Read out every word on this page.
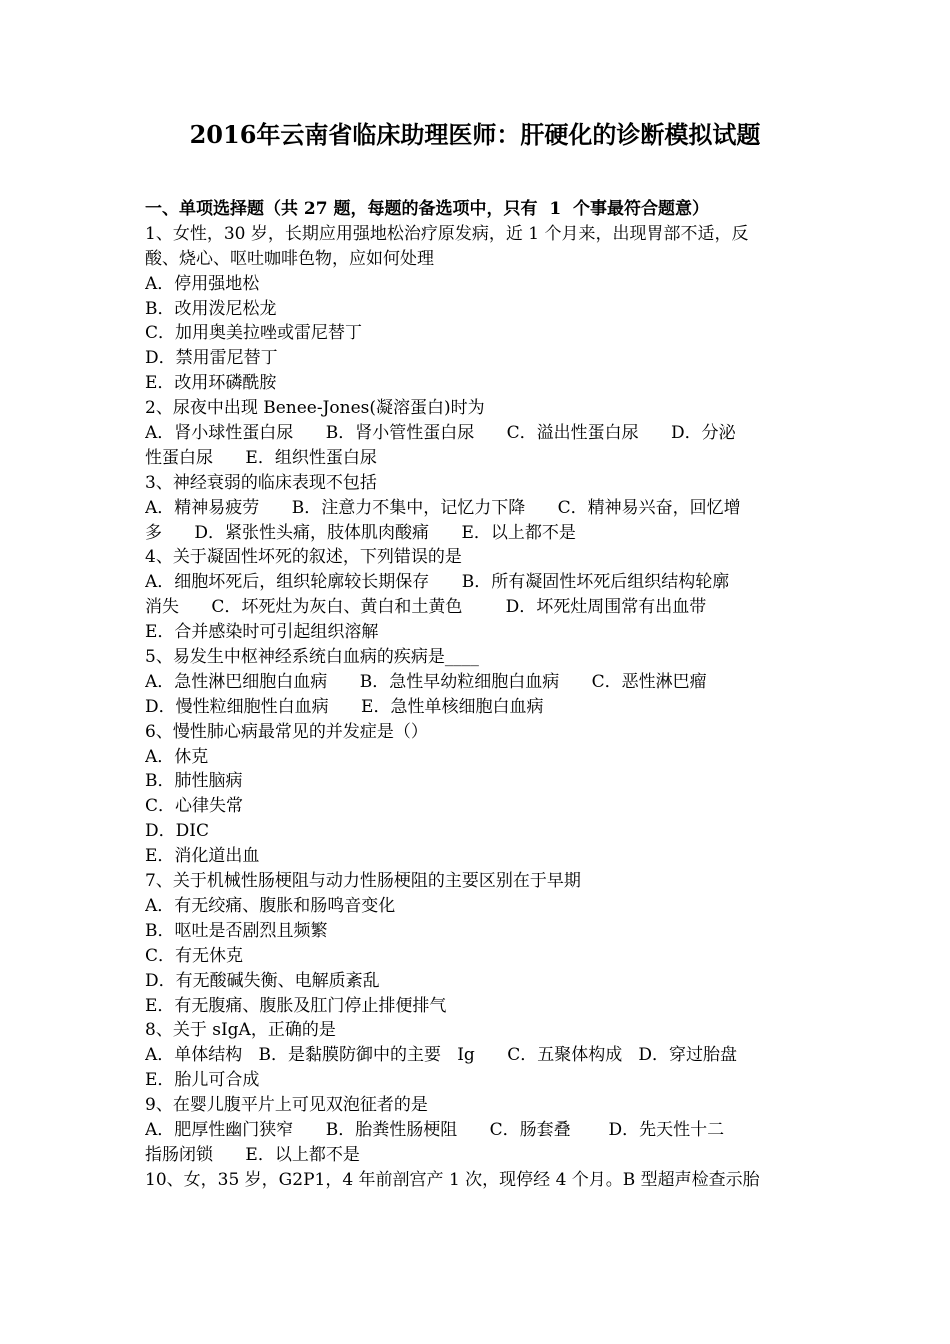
2016年云南省临床助理医师：肝硬化的诊断模拟试题
一、单项选择题（共 27 题，每题的备选项中，只有  1  个事最符合题意）
1、女性，30 岁，长期应用强地松治疗原发病，近 1 个月来，出现胃部不适，反
酸、烧心、呕吐咖啡色物，应如何处理
A．停用强地松
B．改用泼尼松龙
C．加用奥美拉唑或雷尼替丁
D．禁用雷尼替丁
E．改用环磷酰胺
2、尿夜中出现 Benee-Jones(凝溶蛋白)时为
A．肾小球性蛋白尿      B．肾小管性蛋白尿      C．溢出性蛋白尿      D．分泌
性蛋白尿      E．组织性蛋白尿
3、神经衰弱的临床表现不包括
A．精神易疲劳      B．注意力不集中，记忆力下降      C．精神易兴奋，回忆增
多      D．紧张性头痛，肢体肌肉酸痛      E．以上都不是
4、关于凝固性坏死的叙述，下列错误的是
A．细胞坏死后，组织轮廓较长期保存      B．所有凝固性坏死后组织结构轮廓
消失      C．坏死灶为灰白、黄白和土黄色        D．坏死灶周围常有出血带
E．合并感染时可引起组织溶解
5、易发生中枢神经系统白血病的疾病是____
A．急性淋巴细胞白血病      B．急性早幼粒细胞白血病      C．恶性淋巴瘤
D．慢性粒细胞性白血病      E．急性单核细胞白血病
6、慢性肺心病最常见的并发症是（）
A．休克
B．肺性脑病
C．心律失常
D．DIC
E．消化道出血
7、关于机械性肠梗阻与动力性肠梗阻的主要区别在于早期
A．有无绞痛、腹胀和肠鸣音变化
B．呕吐是否剧烈且频繁
C．有无休克
D．有无酸碱失衡、电解质紊乱
E．有无腹痛、腹胀及肛门停止排便排气
8、关于 sIgA，正确的是
A．单体结构   B．是黏膜防御中的主要   Ig      C．五聚体构成   D．穿过胎盘
E．胎儿可合成
9、在婴儿腹平片上可见双泡征者的是
A．肥厚性幽门狭窄      B．胎粪性肠梗阻      C．肠套叠       D．先天性十二
指肠闭锁      E．以上都不是
10、女，35 岁，G2P1，4 年前剖宫产 1 次，现停经 4 个月。B 型超声检查示胎
